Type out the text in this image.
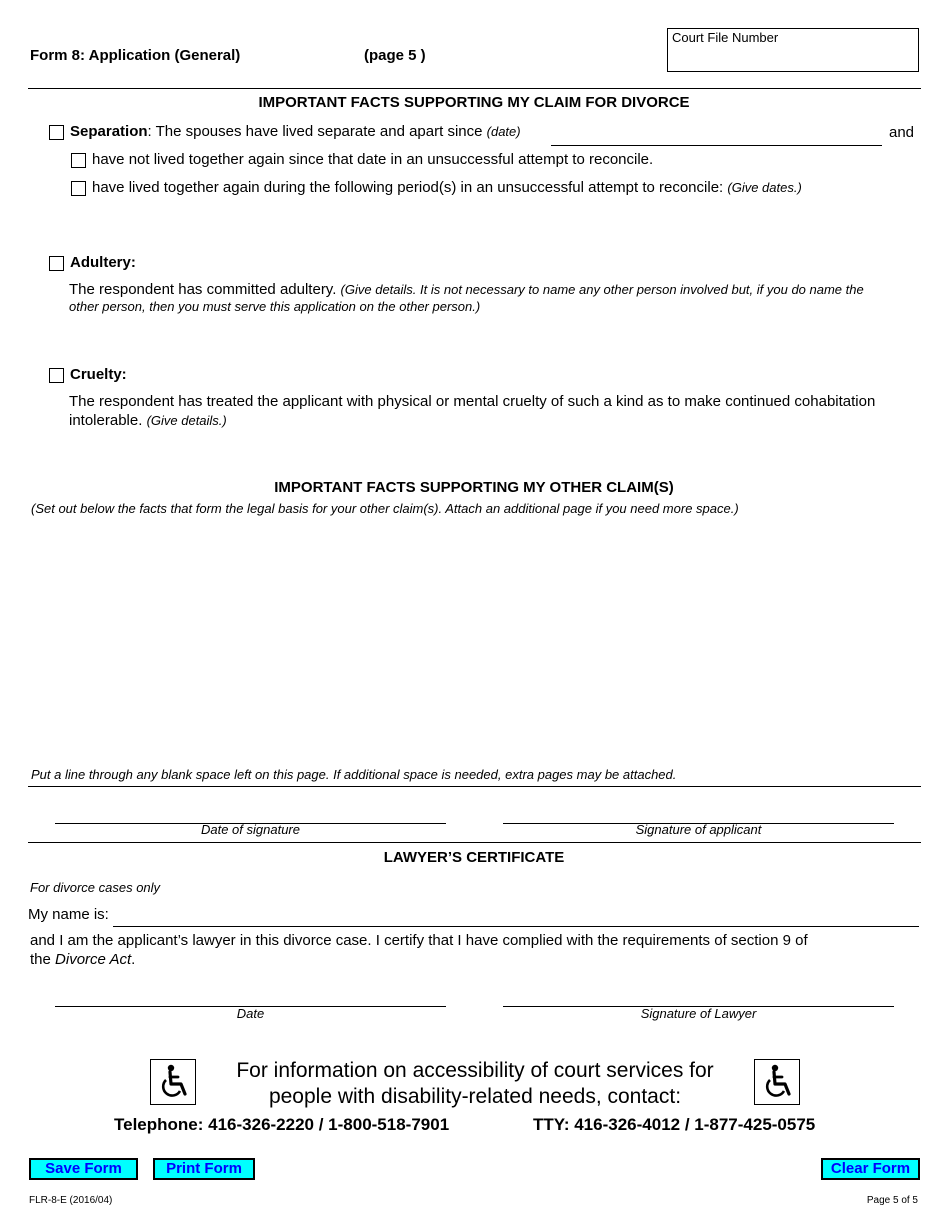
Form 8: Application (General)	(page 5 )
Court File Number
IMPORTANT FACTS SUPPORTING MY CLAIM FOR DIVORCE
Separation: The spouses have lived separate and apart since (date)	and
have not lived together again since that date in an unsuccessful attempt to reconcile.
have lived together again during the following period(s) in an unsuccessful attempt to reconcile: (Give dates.)
Adultery:
The respondent has committed adultery. (Give details. It is not necessary to name any other person involved but, if you do name the
other person, then you must serve this application on the other person.)
Cruelty:
The respondent has treated the applicant with physical or mental cruelty of such a kind as to make continued cohabitation
intolerable. (Give details.)
IMPORTANT FACTS SUPPORTING MY OTHER CLAIM(S)
(Set out below the facts that form the legal basis for your other claim(s). Attach an additional page if you need more space.)
Put a line through any blank space left on this page. If additional space is needed, extra pages may be attached.
Date of signature	Signature of applicant
LAWYER’S CERTIFICATE
For divorce cases only
My name is:
and I am the applicant’s lawyer in this divorce case. I certify that I have complied with the requirements of section 9 of
the Divorce Act.
Date	Signature of Lawyer
For information on accessibility of court services for
people with disability-related needs, contact:
Telephone: 416-326-2220 / 1-800-518-7901	TTY: 416-326-4012 / 1-877-425-0575
Save Form	Print Form	Clear Form
FLR-8-E (2016/04)	Page 5 of 5
